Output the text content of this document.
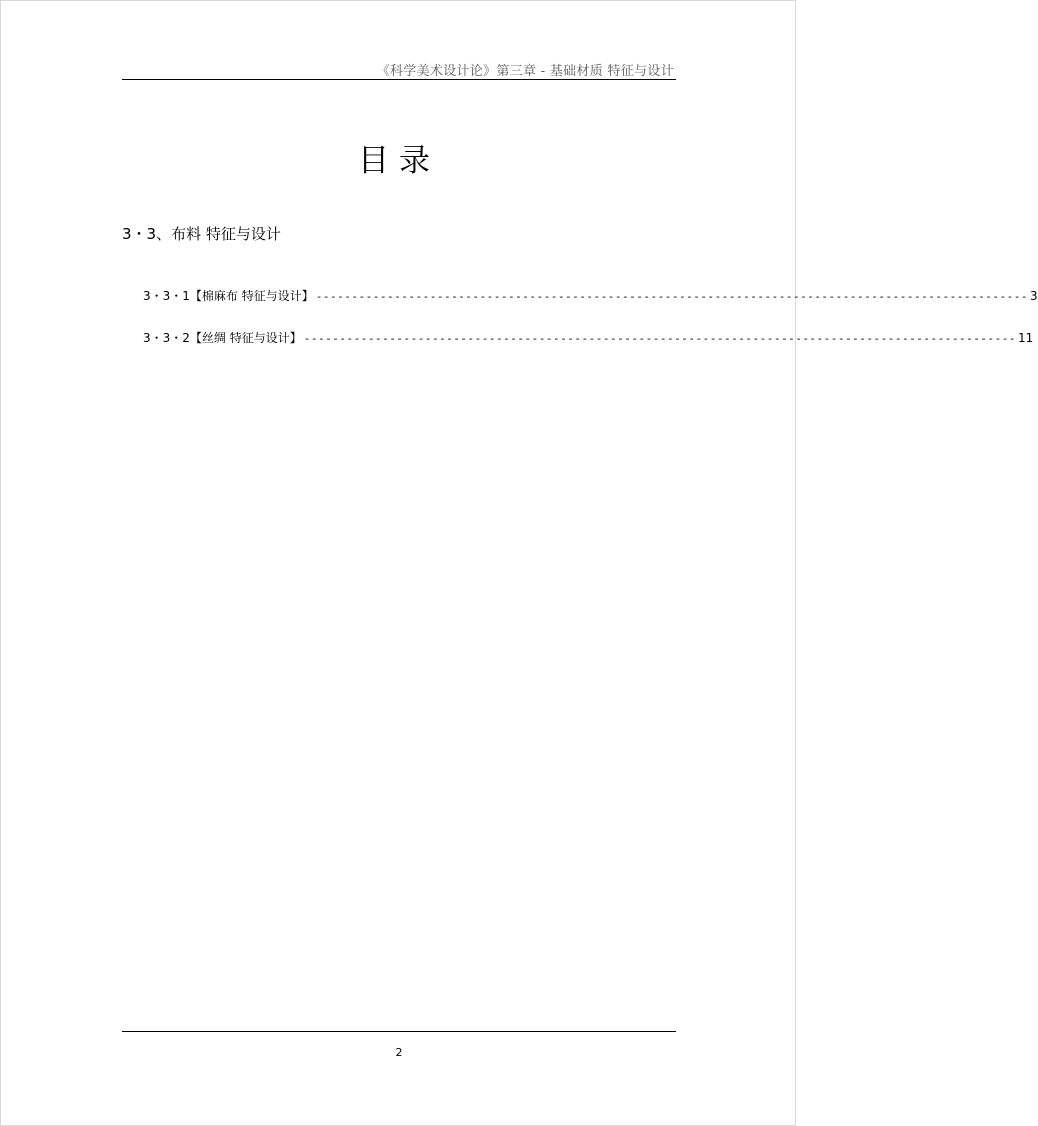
《科学美术设计论》第三章 - 基础材质 特征与设计
目录
3・3、布料 特征与设计
3・3・1【棉麻布 特征与设计】 ---------------------------------------------------------------------------------------------------- 3
3・3・2【丝绸 特征与设计】 ---------------------------------------------------------------------------------------------------- 11
2
